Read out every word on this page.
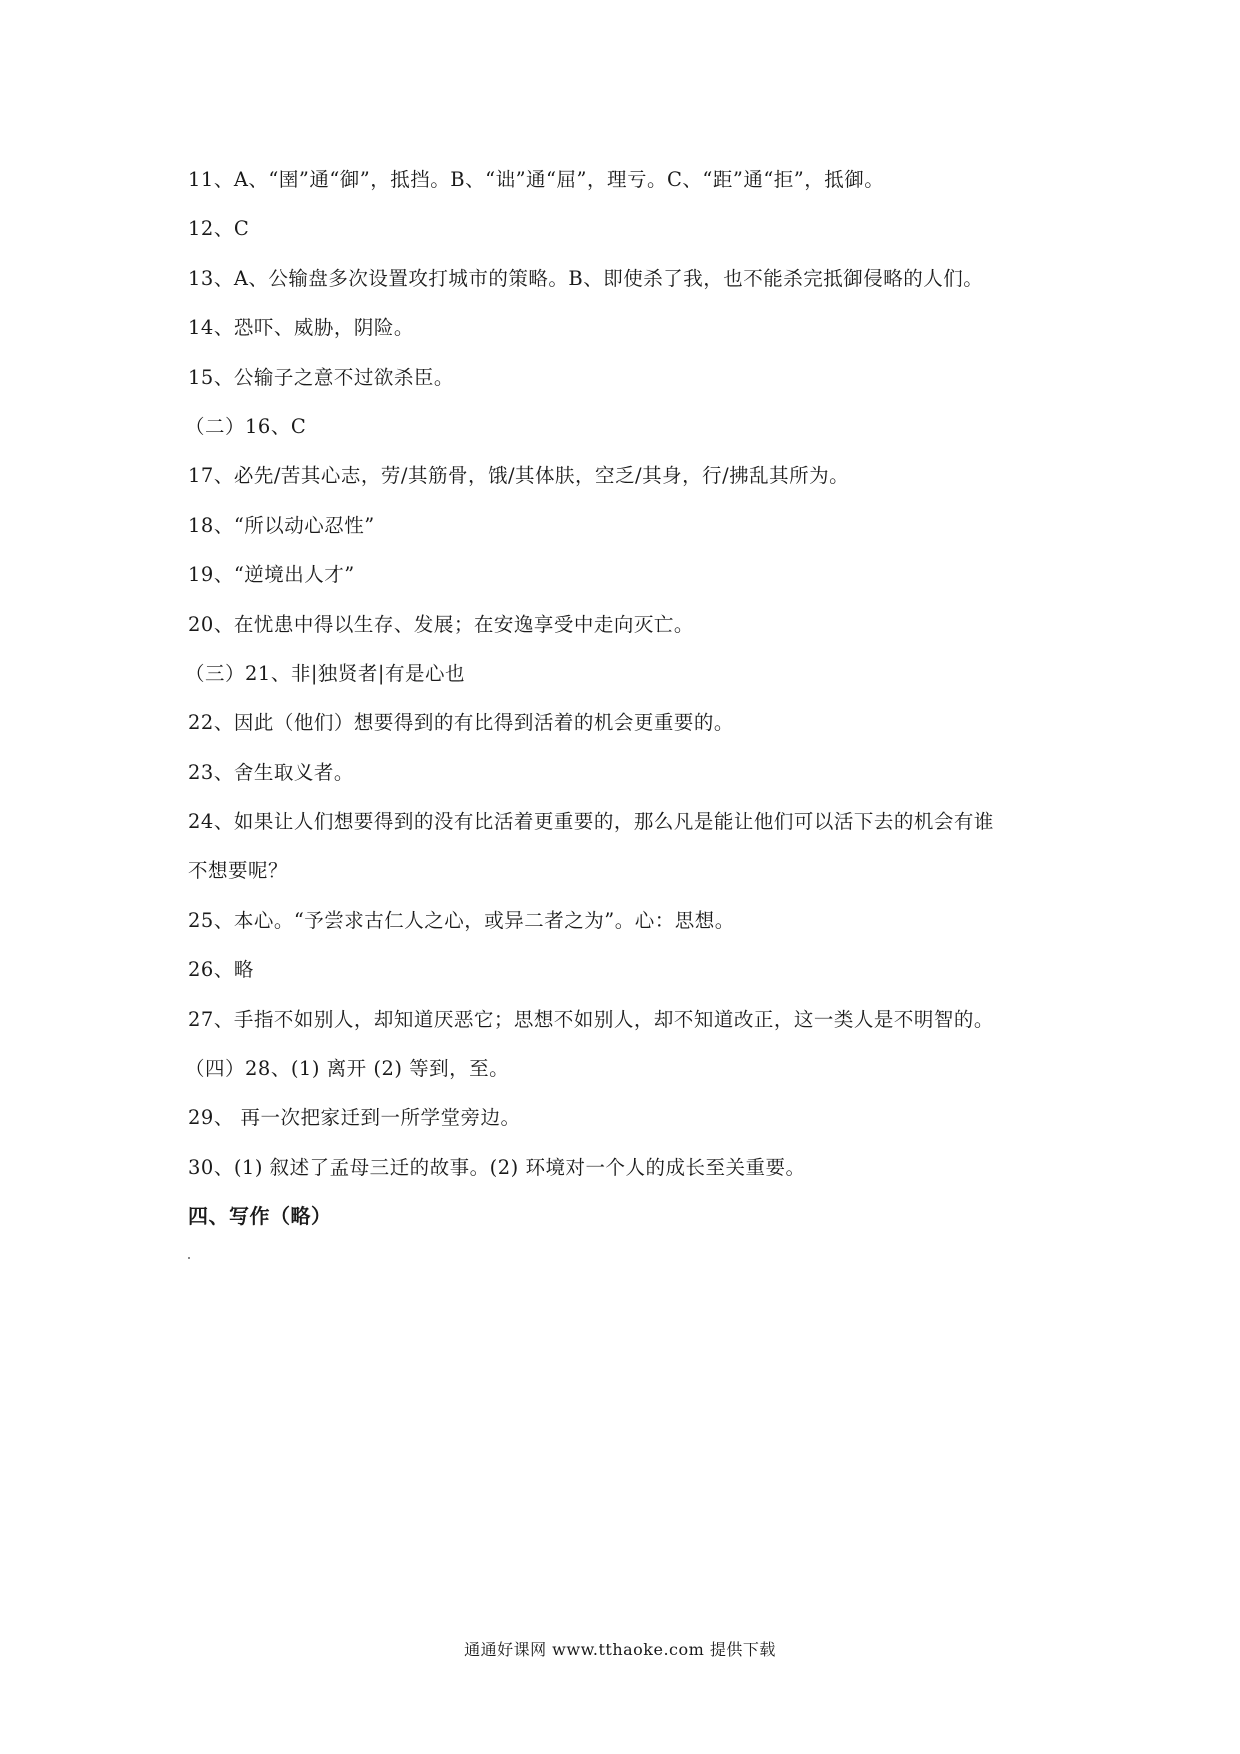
11、A、“圉”通“御”，抵挡。B、“诎”通“屈”，理亏。C、“距”通“拒”，抵御。
12、C
13、A、公输盘多次设置攻打城市的策略。B、即使杀了我，也不能杀完抵御侵略的人们。
14、恐吓、威胁，阴险。
15、公输子之意不过欲杀臣。
（二）16、C
17、必先/苦其心志，劳/其筋骨，饿/其体肤，空乏/其身，行/拂乱其所为。
18、“所以动心忍性”
19、“逆境出人才”
20、在忧患中得以生存、发展；在安逸享受中走向灭亡。
（三）21、非|独贤者|有是心也
22、因此（他们）想要得到的有比得到活着的机会更重要的。
23、舍生取义者。
24、如果让人们想要得到的没有比活着更重要的，那么凡是能让他们可以活下去的机会有谁
不想要呢？
25、本心。“予尝求古仁人之心，或异二者之为”。心：思想。
26、略
27、手指不如别人，却知道厌恶它；思想不如别人，却不知道改正，这一类人是不明智的。
（四）28、(1) 离开 (2) 等到，至。
29、 再一次把家迁到一所学堂旁边。
30、(1) 叙述了孟母三迁的故事。(2) 环境对一个人的成长至关重要。
四、写作（略）
通通好课网 www.tthaoke.com 提供下载
